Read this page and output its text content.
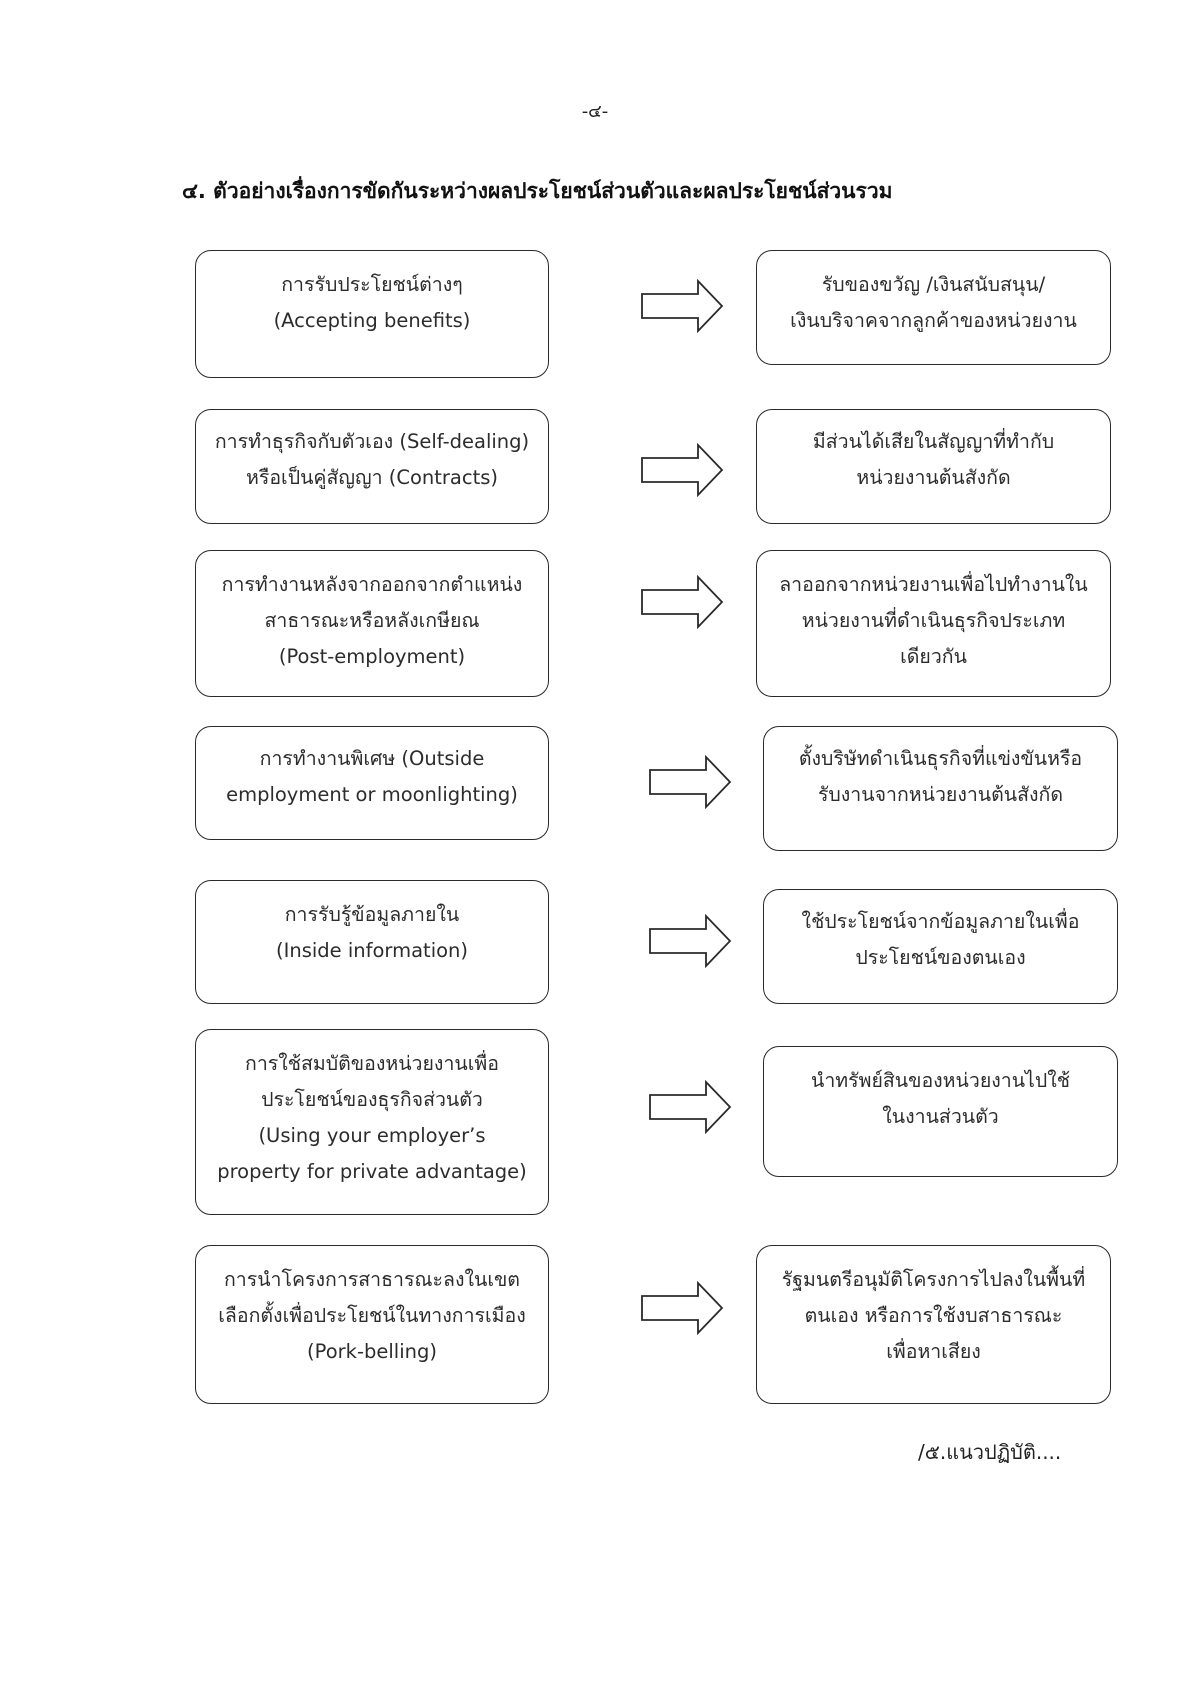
-๔-
๔. ตัวอย่างเรื่องการขัดกันระหว่างผลประโยชน์ส่วนตัวและผลประโยชน์ส่วนรวม
การรับประโยชน์ต่างๆ
(Accepting benefits)
รับของขวัญ /เงินสนับสนุน/
เงินบริจาคจากลูกค้าของหน่วยงาน
การทำธุรกิจกับตัวเอง (Self-dealing)
หรือเป็นคู่สัญญา (Contracts)
มีส่วนได้เสียในสัญญาที่ทำกับ
หน่วยงานต้นสังกัด
การทำงานหลังจากออกจากตำแหน่ง
สาธารณะหรือหลังเกษียณ
(Post-employment)
ลาออกจากหน่วยงานเพื่อไปทำงานใน
หน่วยงานที่ดำเนินธุรกิจประเภท
เดียวกัน
การทำงานพิเศษ (Outside
employment or moonlighting)
ตั้งบริษัทดำเนินธุรกิจที่แข่งขันหรือ
รับงานจากหน่วยงานต้นสังกัด
การรับรู้ข้อมูลภายใน
(Inside information)
ใช้ประโยชน์จากข้อมูลภายในเพื่อ
ประโยชน์ของตนเอง
การใช้สมบัติของหน่วยงานเพื่อ
ประโยชน์ของธุรกิจส่วนตัว
(Using your employer’s
property for private advantage)
นำทรัพย์สินของหน่วยงานไปใช้
ในงานส่วนตัว
การนำโครงการสาธารณะลงในเขต
เลือกตั้งเพื่อประโยชน์ในทางการเมือง
(Pork-belling)
รัฐมนตรีอนุมัติโครงการไปลงในพื้นที่
ตนเอง หรือการใช้งบสาธารณะ
เพื่อหาเสียง
/๕.แนวปฏิบัติ....
